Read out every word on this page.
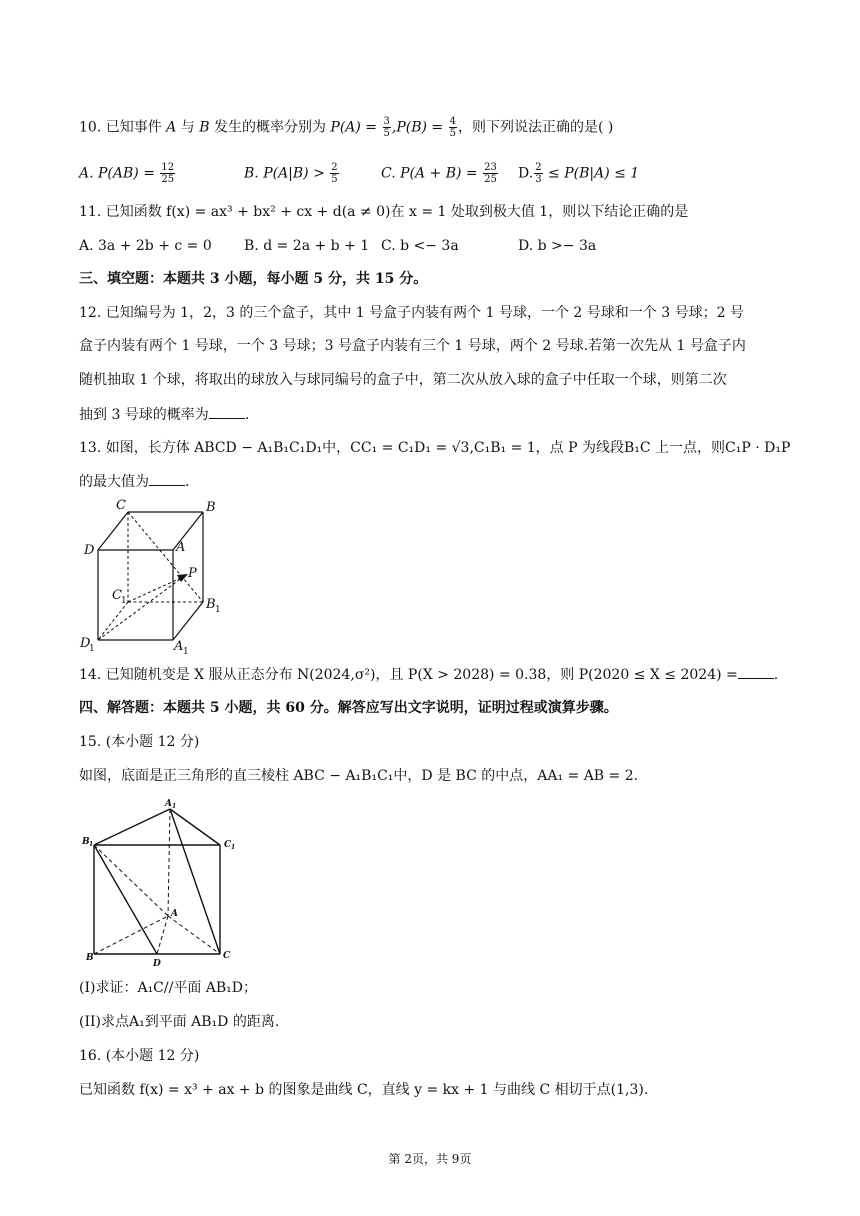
10. 已知事件 A 与 B 发生的概率分别为 $P(A) = \frac{3}{5} ,P(B) = \frac{4}{5}$ ，则下列说法正确的是( )
A. $P(AB) = \frac{12}{25}$	B. $P(A|B) > \frac{2}{5}$	C. $P(A + B) = \frac{23}{25} D$. $\frac{2}{3} \le P(B|A) \le 1$
11. 已知函数 f(x) = ax³ + bx² + cx + d(a ≠ 0)在 x = 1 处取到极大值 1，则以下结论正确的是
A. 3a + 2b + c = 0 B. d = 2a + b + 1 C. b <− 3a	D. b >− 3a
三、填空题：本题共 3 小题，每小题 5 分，共 15 分。
12. 已知编号为 1，2，3 的三个盒子，其中 1 号盒子内装有两个 1 号球，一个 2 号球和一个 3 号球；2 号
盒子内装有两个 1 号球，一个 3 号球；3 号盒子内装有三个 1 号球，两个 2 号球.若第一次先从 1 号盒子内
随机抽取 1 个球，将取出的球放入与球同编号的盒子中，第二次从放入球的盒子中任取一个球，则第二次
抽到 3 号球的概率为	.
13. 如图，长方体 ABCD − A₁B₁C₁D₁中，CC₁ = C₁D₁ = √3,C₁B₁ = 1，点 P 为线段B₁C 上一点，则C₁P · D₁P
的最大值为	.
C	B
D	A
P
C 1	B 1
D
1	A 1
14. 已知随机变是 X 服从正态分布 N(2024,σ²)，且 P(X > 2028) = 0.38，则 P(2020 ≤ X ≤ 2024) =	.
四、解答题：本题共 5 小题，共 60 分。解答应写出文字说明，证明过程或演算步骤。
15. (本小题 12 分)
如图，底面是正三角形的直三棱柱 ABC − A₁B₁C₁中，D 是 BC 的中点，AA₁ = AB = 2.
A 1
B 1	C 1
A
B
D
C
(I)求证：A₁C//平面 AB₁D；
(II)求点A₁到平面 AB₁D 的距离.
16. (本小题 12 分)
已知函数 f(x) = x³ + ax + b 的图象是曲线 C，直线 y = kx + 1 与曲线 C 相切于点(1,3).
第 2页，共 9页
